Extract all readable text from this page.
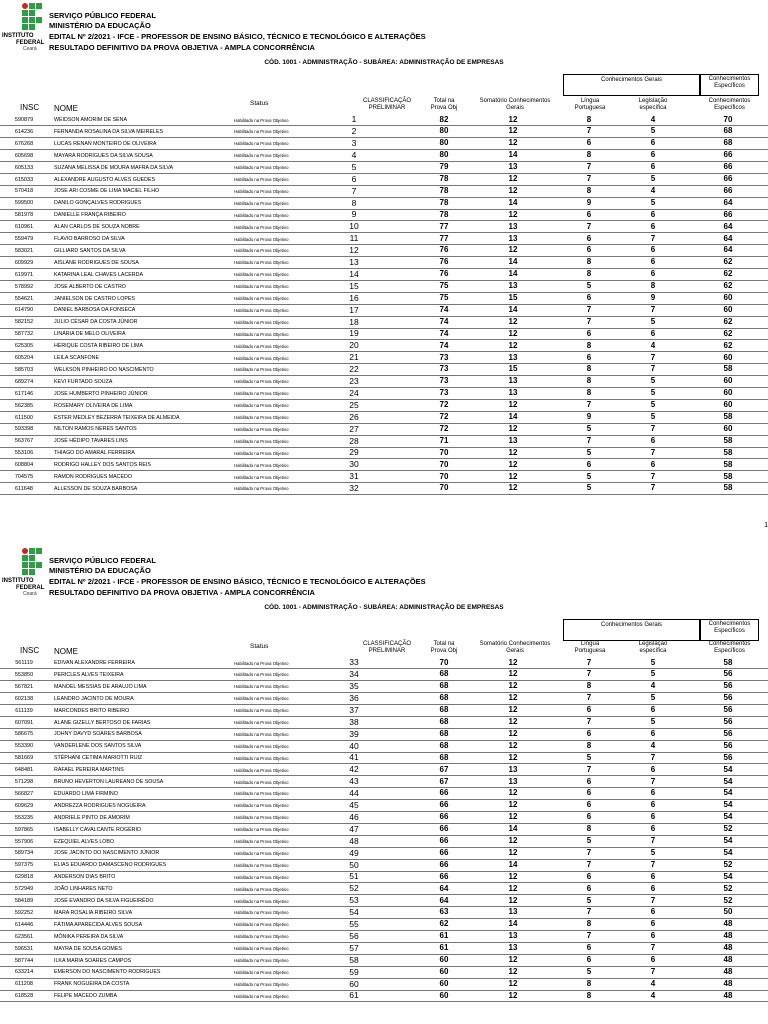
INSTITUTO
FEDERAL
Ceará
SERVIÇO PÚBLICO FEDERAL
MINISTÉRIO DA EDUCAÇÃO
EDITAL Nº 2/2021 - IFCE - PROFESSOR DE ENSINO BÁSICO, TÉCNICO E TECNOLÓGICO E ALTERAÇÕES
RESULTADO DEFINITIVO DA PROVA OBJETIVA - AMPLA CONCORRÊNCIA
CÓD. 1001 - ADMINISTRAÇÃO - SUBÁREA: ADMINISTRAÇÃO DE EMPRESAS
Conhecimentos Gerais	Conhecimentos Específicos
INSC NOME
Status	CLASSIFICAÇÃO PRELIMINAR
Total na Prova Obj
Somatório Conhecimentos Gerais
Língua Portuguesa
Legislação específica
Conhecimentos Específicos
590879	WEIDSON AMORIM DE SENA	Habilitado na Prova Objetivo	1	82	12	8	4	70
614236	FERNANDA ROSALINA DA SILVA MEIRELES	Habilitado na Prova Objetivo	2	80	12	7	5	68
676268	LUCAS RENAN MONTEIRO DE OLIVEIRA	Habilitado na Prova Objetivo	3	80	12	6	6	68
605698	MAYARA RODRIGUES DA SILVA SOUSA	Habilitado na Prova Objetivo	4	80	14	8	6	66
605133	SUZANA MELISSA DE MOURA MAFRA DA SILVA	Habilitado na Prova Objetivo	5	79	13	7	6	66
615033	ALEXANDRE AUGUSTO ALVES GUEDES	Habilitado na Prova Objetivo	6	78	12	7	5	66
570418	JOSE ARI COSME DE LIMA MACIEL FILHO	Habilitado na Prova Objetivo	7	78	12	8	4	66
599500	DANILO GONÇALVES RODRIGUES	Habilitado na Prova Objetivo	8	78	14	9	5	64
581978	DANIELLE FRANÇA RIBEIRO	Habilitado na Prova Objetivo	9	78	12	6	6	66
610961	ALAN CARLOS DE SOUZA NOBRE	Habilitado na Prova Objetivo	10	77	13	7	6	64
559479	FLAVIO BARROSO DA SILVA	Habilitado na Prova Objetivo	11	77	13	6	7	64
583021	GILLIARD SANTOS DA SILVA	Habilitado na Prova Objetivo	12	76	12	6	6	64
609929	AISLANE RODRIGUES DE SOUSA	Habilitado na Prova Objetivo	13	76	14	8	6	62
619971	KATARINA LEAL CHAVES LACERDA	Habilitado na Prova Objetivo	14	76	14	8	6	62
578992	JOSE ALBERTO DE CASTRO	Habilitado na Prova Objetivo	15	75	13	5	8	62
554621	JANIELSON DE CASTRO LOPES	Habilitado na Prova Objetivo	16	75	15	6	9	60
614790	DANIEL BARBOSA DA FONSECA	Habilitado na Prova Objetivo	17	74	14	7	7	60
582152	JULIO CÉSAR DA COSTA JÚNIOR	Habilitado na Prova Objetivo	18	74	12	7	5	62
587732	LINÁRIA DE MELO OLIVEIRA	Habilitado na Prova Objetivo	19	74	12	6	6	62
625305	HÉRIQUE COSTA RIBEIRO DE LIMA	Habilitado na Prova Objetivo	20	74	12	8	4	62
605204	LEILA SCANFONE	Habilitado na Prova Objetivo	21	73	13	6	7	60
585703	WELKSON PINHEIRO DO NASCIMENTO	Habilitado na Prova Objetivo	22	73	15	8	7	58
689274	KEVI FURTADO SOUZA	Habilitado na Prova Objetivo	23	73	13	8	5	60
617146	JOSE HUMBERTO PINHEIRO JÚNIOR	Habilitado na Prova Objetivo	24	73	13	8	5	60
562385	ROSEMARY OLIVEIRA DE LIMA	Habilitado na Prova Objetivo	25	72	12	7	5	60
611500	ESTER MEDLEY BEZERRA TEIXEIRA DE ALMEIDA	Habilitado na Prova Objetivo	26	72	14	9	5	58
593398	NILTON RAMOS NERES SANTOS	Habilitado na Prova Objetivo	27	72	12	5	7	60
563767	JOSÉ HÉDIPO TAVARES LINS	Habilitado na Prova Objetivo	28	71	13	7	6	58
553106	THIAGO DO AMARAL FERREIRA	Habilitado na Prova Objetivo	29	70	12	5	7	58
608804	RODRIGO HALLEY DOS SANTOS REIS	Habilitado na Prova Objetivo	30	70	12	6	6	58
704575	RAMON RODRIGUES MACEDO	Habilitado na Prova Objetivo	31	70	12	5	7	58
611648	ALLESSON DE SOUZA BARBOSA	Habilitado na Prova Objetivo	32	70	12	5	7	58
1
INSTITUTO
FEDERAL
Ceará
SERVIÇO PÚBLICO FEDERAL
MINISTÉRIO DA EDUCAÇÃO
EDITAL Nº 2/2021 - IFCE - PROFESSOR DE ENSINO BÁSICO, TÉCNICO E TECNOLÓGICO E ALTERAÇÕES
RESULTADO DEFINITIVO DA PROVA OBJETIVA - AMPLA CONCORRÊNCIA
CÓD. 1001 - ADMINISTRAÇÃO - SUBÁREA: ADMINISTRAÇÃO DE EMPRESAS
Conhecimentos Gerais	Conhecimentos Específicos
INSC NOME
Status	CLASSIFICAÇÃO PRELIMINAR
Total na Prova Obj
Somatório Conhecimentos Gerais
Língua Portuguesa
Legislação específica
Conhecimentos Específicos
561119	EDIVAN ALEXANDRE FERREIRA	Habilitado na Prova Objetivo	33	70	12	7	5	58
553850	PERICLES ALVES TEIXEIRA	Habilitado na Prova Objetivo	34	68	12	7	5	56
567821	MANOEL MESSIAS DE ARAUJO LIMA	Habilitado na Prova Objetivo	35	68	12	8	4	56
602138	LEANDRO JACINTO DE MOURA	Habilitado na Prova Objetivo	36	68	12	7	5	56
611139	MARCONDES BRITO RIBEIRO	Habilitado na Prova Objetivo	37	68	12	6	6	56
607091	ALANE GIZELLY BERTOSO DE FARIAS	Habilitado na Prova Objetivo	38	68	12	7	5	56
586675	JOHNY DAVYD SOARES BARBOSA	Habilitado na Prova Objetivo	39	68	12	6	6	56
553390	VANDERLENE DOS SANTOS SILVA	Habilitado na Prova Objetivo	40	68	12	8	4	56
581669	STÊPHANI CETIMA MARIOTTI RUIZ	Habilitado na Prova Objetivo	41	68	12	5	7	56
648481	RAFAEL PEREIRA MARTINS	Habilitado na Prova Objetivo	42	67	13	7	6	54
571298	BRUNO HEVERTON LAUREANO DE SOUSA	Habilitado na Prova Objetivo	43	67	13	6	7	54
566827	EDUARDO LIMA FIRMINO	Habilitado na Prova Objetivo	44	66	12	6	6	54
609629	ANDREZZA RODRIGUES NOGUEIRA	Habilitado na Prova Objetivo	45	66	12	6	6	54
553235	ANDRIELE PINTO DE AMORIM	Habilitado na Prova Objetivo	46	66	12	6	6	54
597865	ISABELLY CAVALCANTE ROGÉRIO	Habilitado na Prova Objetivo	47	66	14	8	6	52
557906	EZEQUIEL ALVES LOBO	Habilitado na Prova Objetivo	48	66	12	5	7	54
589734	JOSE JACINTO DO NASCIMENTO JÚNIOR	Habilitado na Prova Objetivo	49	66	12	7	5	54
597375	ELIAS EDUARDO DAMASCENO RODRIGUES	Habilitado na Prova Objetivo	50	66	14	7	7	52
629818	ANDERSON DIAS BRITO	Habilitado na Prova Objetivo	51	66	12	6	6	54
572949	JOÃO LINHARES NETO	Habilitado na Prova Objetivo	52	64	12	6	6	52
584189	JOSÉ EVANDRO DA SILVA FIGUEIRÊDO	Habilitado na Prova Objetivo	53	64	12	5	7	52
592252	MARA ROSALIA RIBEIRO SILVA	Habilitado na Prova Objetivo	54	63	13	7	6	50
614446	FÁTIMA APARECIDA ALVES SOUSA	Habilitado na Prova Objetivo	55	62	14	8	6	48
623561	MÔNIKA PEREIRA DA SILVA	Habilitado na Prova Objetivo	56	61	13	7	6	48
596531	MAYRA DE SOUSA GOMES	Habilitado na Prova Objetivo	57	61	13	6	7	48
587744	ILKA MARIA SOARES CAMPOS	Habilitado na Prova Objetivo	58	60	12	6	6	48
633214	EMERSON DO NASCIMENTO RODRIGUES	Habilitado na Prova Objetivo	59	60	12	5	7	48
611208	FRANK NOGUEIRA DA COSTA	Habilitado na Prova Objetivo	60	60	12	8	4	48
618528	FELIPE MACEDO ZUMBA	Habilitado na Prova Objetivo	61	60	12	8	4	48
